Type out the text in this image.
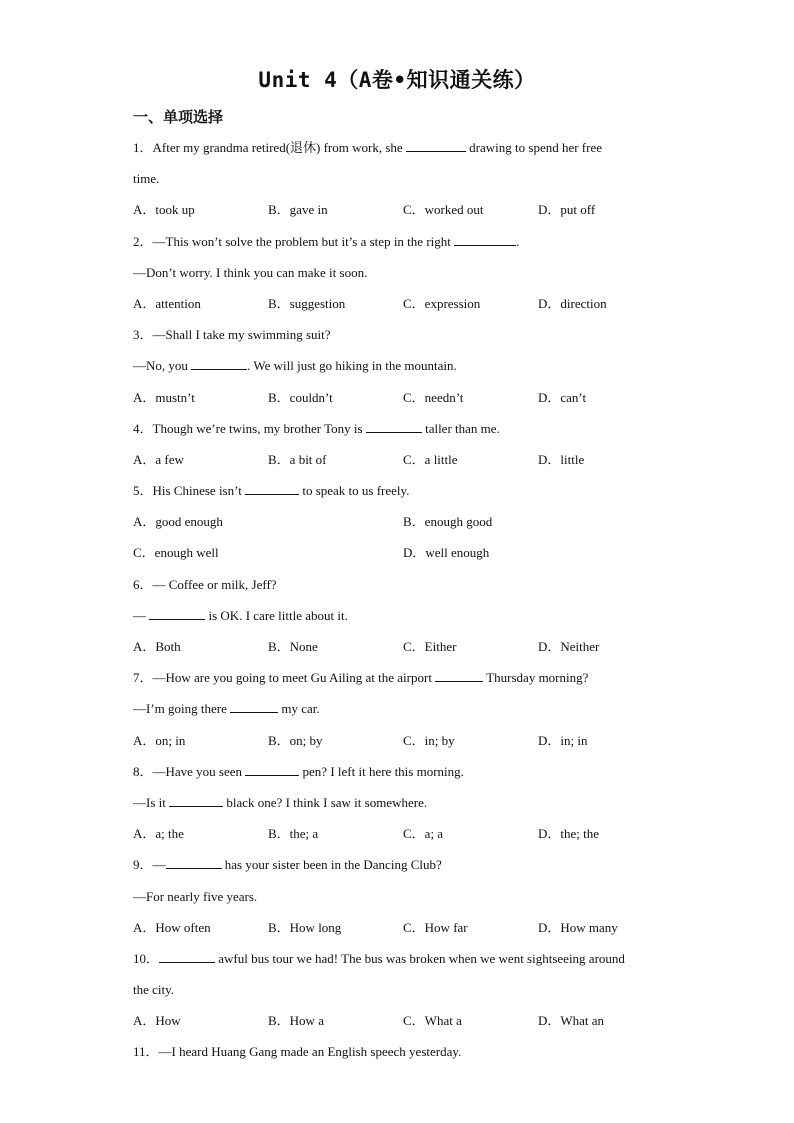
Unit 4（A卷•知识通关练）
一、单项选择
1．After my grandma retired(退休) from work, she	drawing to spend her free
time.
A．took up	B．gave in	C．worked out	D．put off
2．—This won’t solve the problem but it’s a step in the right	.
—Don’t worry. I think you can make it soon.
A．attention	B．suggestion	C．expression	D．direction
3．—Shall I take my swimming suit?
—No, you	. We will just go hiking in the mountain.
A．mustn’t	B．couldn’t	C．needn’t	D．can’t
4．Though we’re twins, my brother Tony is	taller than me.
A．a few	B．a bit of	C．a little	D．little
5．His Chinese isn’t	to speak to us freely.
A．good enough	B．enough good
C．enough well	D．well enough
6．— Coffee or milk, Jeff?
—	is OK. I care little about it.
A．Both	B．None	C．Either	D．Neither
7．—How are you going to meet Gu Ailing at the airport	Thursday morning?
—I’m going there	my car.
A．on; in	B．on; by	C．in; by	D．in; in
8．—Have you seen	pen? I left it here this morning.
—Is it	black one? I think I saw it somewhere.
A．a; the	B．the; a	C．a; a	D．the; the
9．—	has your sister been in the Dancing Club?
—For nearly five years.
A．How often	B．How long	C．How far	D．How many
10．	awful bus tour we had! The bus was broken when we went sightseeing around
the city.
A．How	B．How a	C．What a	D．What an
11．—I heard Huang Gang made an English speech yesterday.
